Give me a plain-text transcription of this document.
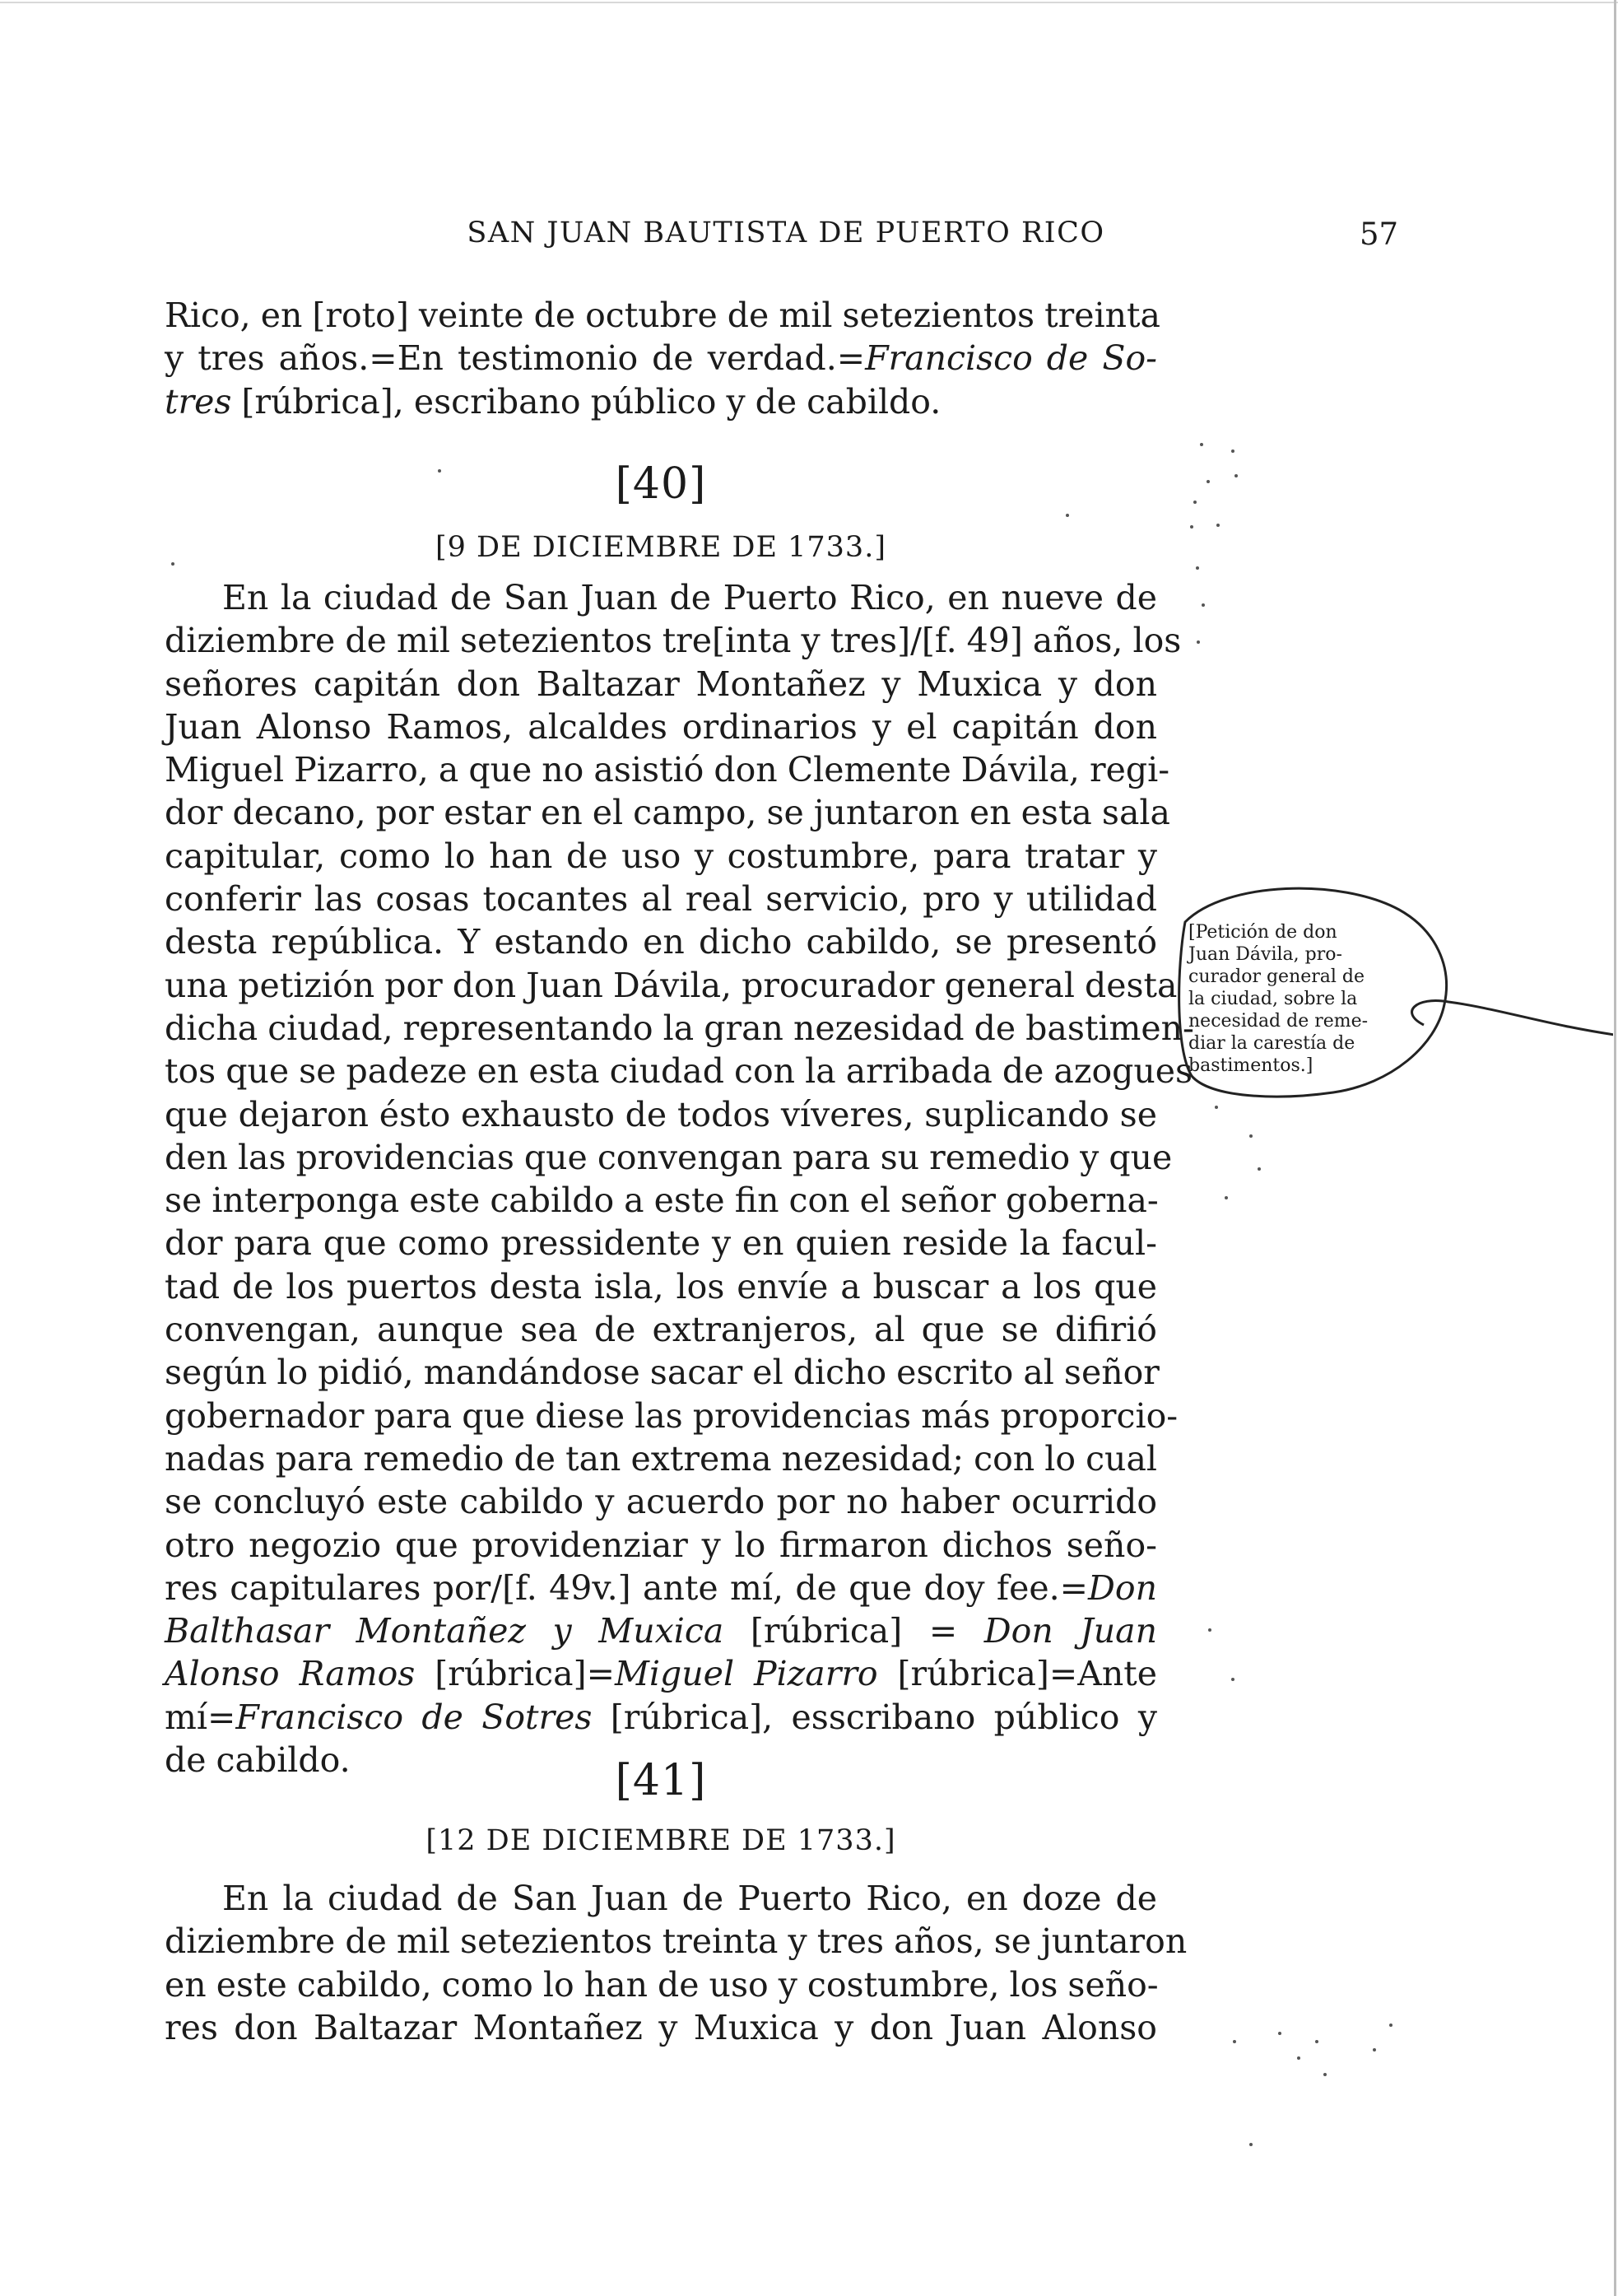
SAN JUAN BAUTISTA DE PUERTO RICO	57
Rico, en [roto] veinte de octubre de mil setezientos treinta
y tres años.=En testimonio de verdad.=Francisco de So-
tres [rúbrica], escribano público y de cabildo.
[40]
[9 DE DICIEMBRE DE 1733.]
En la ciudad de San Juan de Puerto Rico, en nueve de
diziembre de mil setezientos tre[inta y tres]/[f. 49] años, los
señores capitán don Baltazar Montañez y Muxica y don
Juan Alonso Ramos, alcaldes ordinarios y el capitán don
Miguel Pizarro, a que no asistió don Clemente Dávila, regi-
dor decano, por estar en el campo, se juntaron en esta sala
capitular, como lo han de uso y costumbre, para tratar y
conferir las cosas tocantes al real servicio, pro y utilidad
desta república. Y estando en dicho cabildo, se presentó
una petizión por don Juan Dávila, procurador general desta
dicha ciudad, representando la gran nezesidad de bastimen-
tos que se padeze en esta ciudad con la arribada de azogues
que dejaron ésto exhausto de todos víveres, suplicando se
den las providencias que convengan para su remedio y que
se interponga este cabildo a este fin con el señor goberna-
dor para que como pressidente y en quien reside la facul-
tad de los puertos desta isla, los envíe a buscar a los que
convengan, aunque sea de extranjeros, al que se difirió
según lo pidió, mandándose sacar el dicho escrito al señor
gobernador para que diese las providencias más proporcio-
nadas para remedio de tan extrema nezesidad; con lo cual
se concluyó este cabildo y acuerdo por no haber ocurrido
otro negozio que providenziar y lo firmaron dichos seño-
res capitulares por/[f. 49v.] ante mí, de que doy fee.=Don
Balthasar Montañez y Muxica [rúbrica] = Don Juan
Alonso Ramos [rúbrica]=Miguel Pizarro [rúbrica]=Ante
mí=Francisco de Sotres [rúbrica], esscribano público y
de cabildo.
[Petición de don
Juan Dávila, pro-
curador general de
la ciudad, sobre la
necesidad de reme-
diar la carestía de
bastimentos.]
[41]
[12 DE DICIEMBRE DE 1733.]
En la ciudad de San Juan de Puerto Rico, en doze de
diziembre de mil setezientos treinta y tres años, se juntaron
en este cabildo, como lo han de uso y costumbre, los seño-
res don Baltazar Montañez y Muxica y don Juan Alonso
